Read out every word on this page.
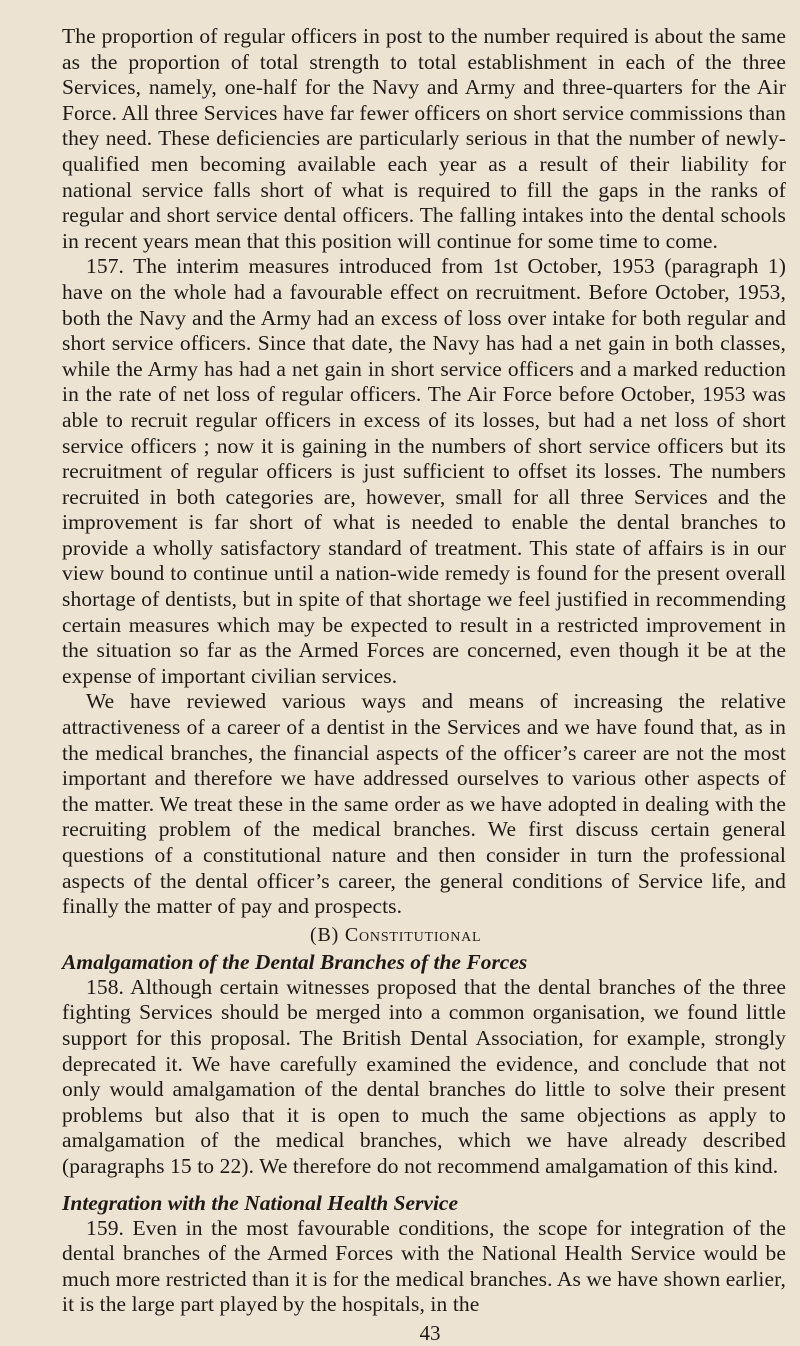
The proportion of regular officers in post to the number required is about the same as the proportion of total strength to total establishment in each of the three Services, namely, one-half for the Navy and Army and three-quarters for the Air Force. All three Services have far fewer officers on short service commissions than they need. These deficiencies are particularly serious in that the number of newly-qualified men becoming available each year as a result of their liability for national service falls short of what is required to fill the gaps in the ranks of regular and short service dental officers. The falling intakes into the dental schools in recent years mean that this position will continue for some time to come.

157. The interim measures introduced from 1st October, 1953 (paragraph 1) have on the whole had a favourable effect on recruitment. Before October, 1953, both the Navy and the Army had an excess of loss over intake for both regular and short service officers. Since that date, the Navy has had a net gain in both classes, while the Army has had a net gain in short service officers and a marked reduction in the rate of net loss of regular officers. The Air Force before October, 1953 was able to recruit regular officers in excess of its losses, but had a net loss of short service officers ; now it is gaining in the numbers of short service officers but its recruitment of regular officers is just sufficient to offset its losses. The numbers recruited in both categories are, however, small for all three Services and the improvement is far short of what is needed to enable the dental branches to provide a wholly satisfactory standard of treatment. This state of affairs is in our view bound to continue until a nation-wide remedy is found for the present overall shortage of dentists, but in spite of that shortage we feel justified in recommending certain measures which may be expected to result in a restricted improvement in the situation so far as the Armed Forces are concerned, even though it be at the expense of important civilian services.

We have reviewed various ways and means of increasing the relative attractiveness of a career of a dentist in the Services and we have found that, as in the medical branches, the financial aspects of the officer’s career are not the most important and therefore we have addressed ourselves to various other aspects of the matter. We treat these in the same order as we have adopted in dealing with the recruiting problem of the medical branches. We first discuss certain general questions of a constitutional nature and then consider in turn the professional aspects of the dental officer’s career, the general conditions of Service life, and finally the matter of pay and prospects.

(B) Constitutional
Amalgamation of the Dental Branches of the Forces

158. Although certain witnesses proposed that the dental branches of the three fighting Services should be merged into a common organisation, we found little support for this proposal. The British Dental Association, for example, strongly deprecated it. We have carefully examined the evidence, and conclude that not only would amalgamation of the dental branches do little to solve their present problems but also that it is open to much the same objections as apply to amalgamation of the medical branches, which we have already described (paragraphs 15 to 22). We therefore do not recommend amalgamation of this kind.

Integration with the National Health Service

159. Even in the most favourable conditions, the scope for integration of the dental branches of the Armed Forces with the National Health Service would be much more restricted than it is for the medical branches. As we have shown earlier, it is the large part played by the hospitals, in the

43
